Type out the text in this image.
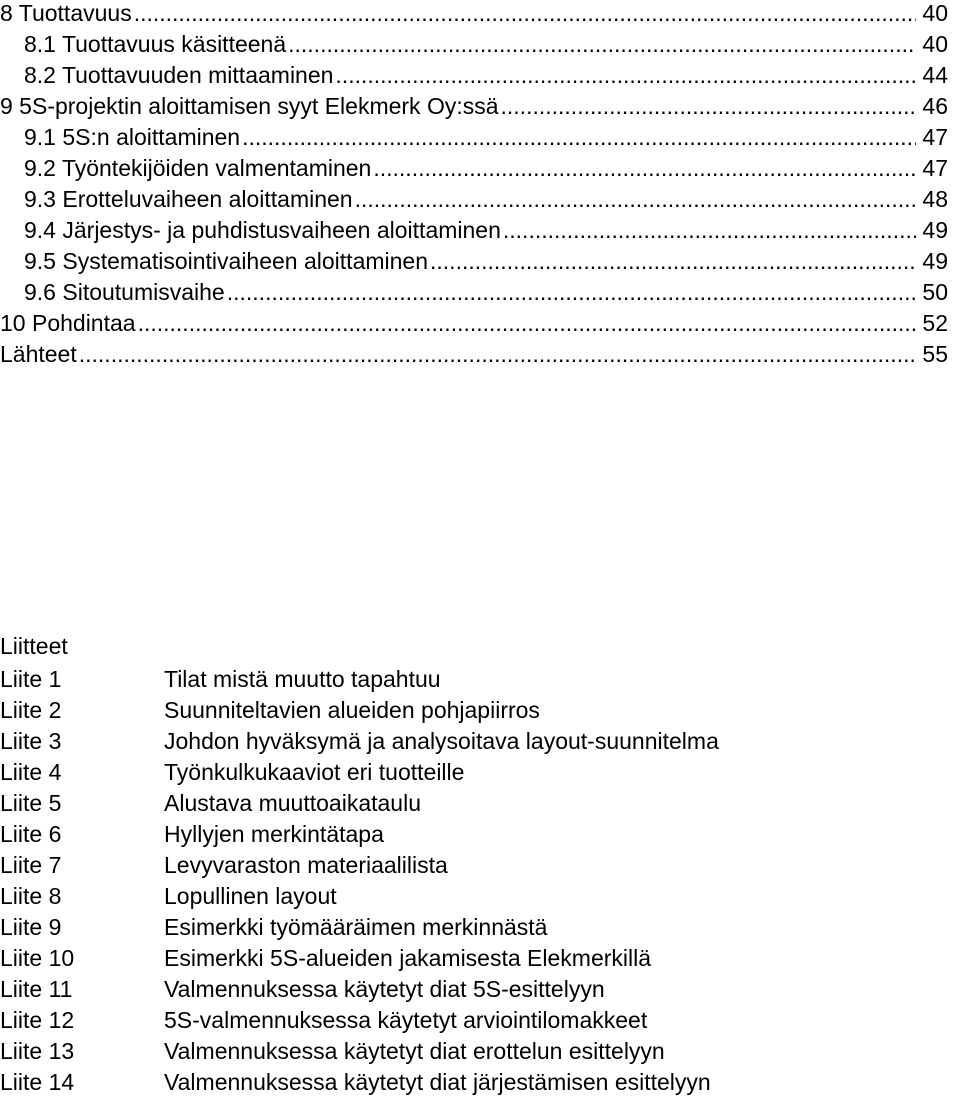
8 Tuottavuus .....	40
8.1 Tuottavuus käsitteenä .....	40
8.2 Tuottavuuden mittaaminen .....	44
9 5S-projektin aloittamisen syyt Elekmerk Oy:ssä .....	46
9.1 5S:n aloittaminen .....	47
9.2 Työntekijöiden valmentaminen .....	47
9.3 Erotteluvaiheen aloittaminen .....	48
9.4 Järjestys- ja puhdistusvaiheen aloittaminen .....	49
9.5 Systematisointivaiheen aloittaminen .....	49
9.6 Sitoutumisvaihe .....	50
10 Pohdintaa .....	52
Lähteet .....	55
Liitteet
Liite 1	Tilat mistä muutto tapahtuu
Liite 2	Suunniteltavien alueiden pohjapiirros
Liite 3	Johdon hyväksymä ja analysoitava layout-suunnitelma
Liite 4	Työnkulkukaaviot eri tuotteille
Liite 5	Alustava muuttoaikataulu
Liite 6	Hyllyjen merkintätapa
Liite 7	Levyvaraston materiaalilista
Liite 8	Lopullinen layout
Liite 9	Esimerkki työmääräimen merkinnästä
Liite 10	Esimerkki 5S-alueiden jakamisesta Elekmerkillä
Liite 11	Valmennuksessa käytetyt diat 5S-esittelyyn
Liite 12	5S-valmennuksessa käytetyt arviointilomakkeet
Liite 13	Valmennuksessa käytetyt diat erottelun esittelyyn
Liite 14	Valmennuksessa käytetyt diat järjestämisen esittelyyn
